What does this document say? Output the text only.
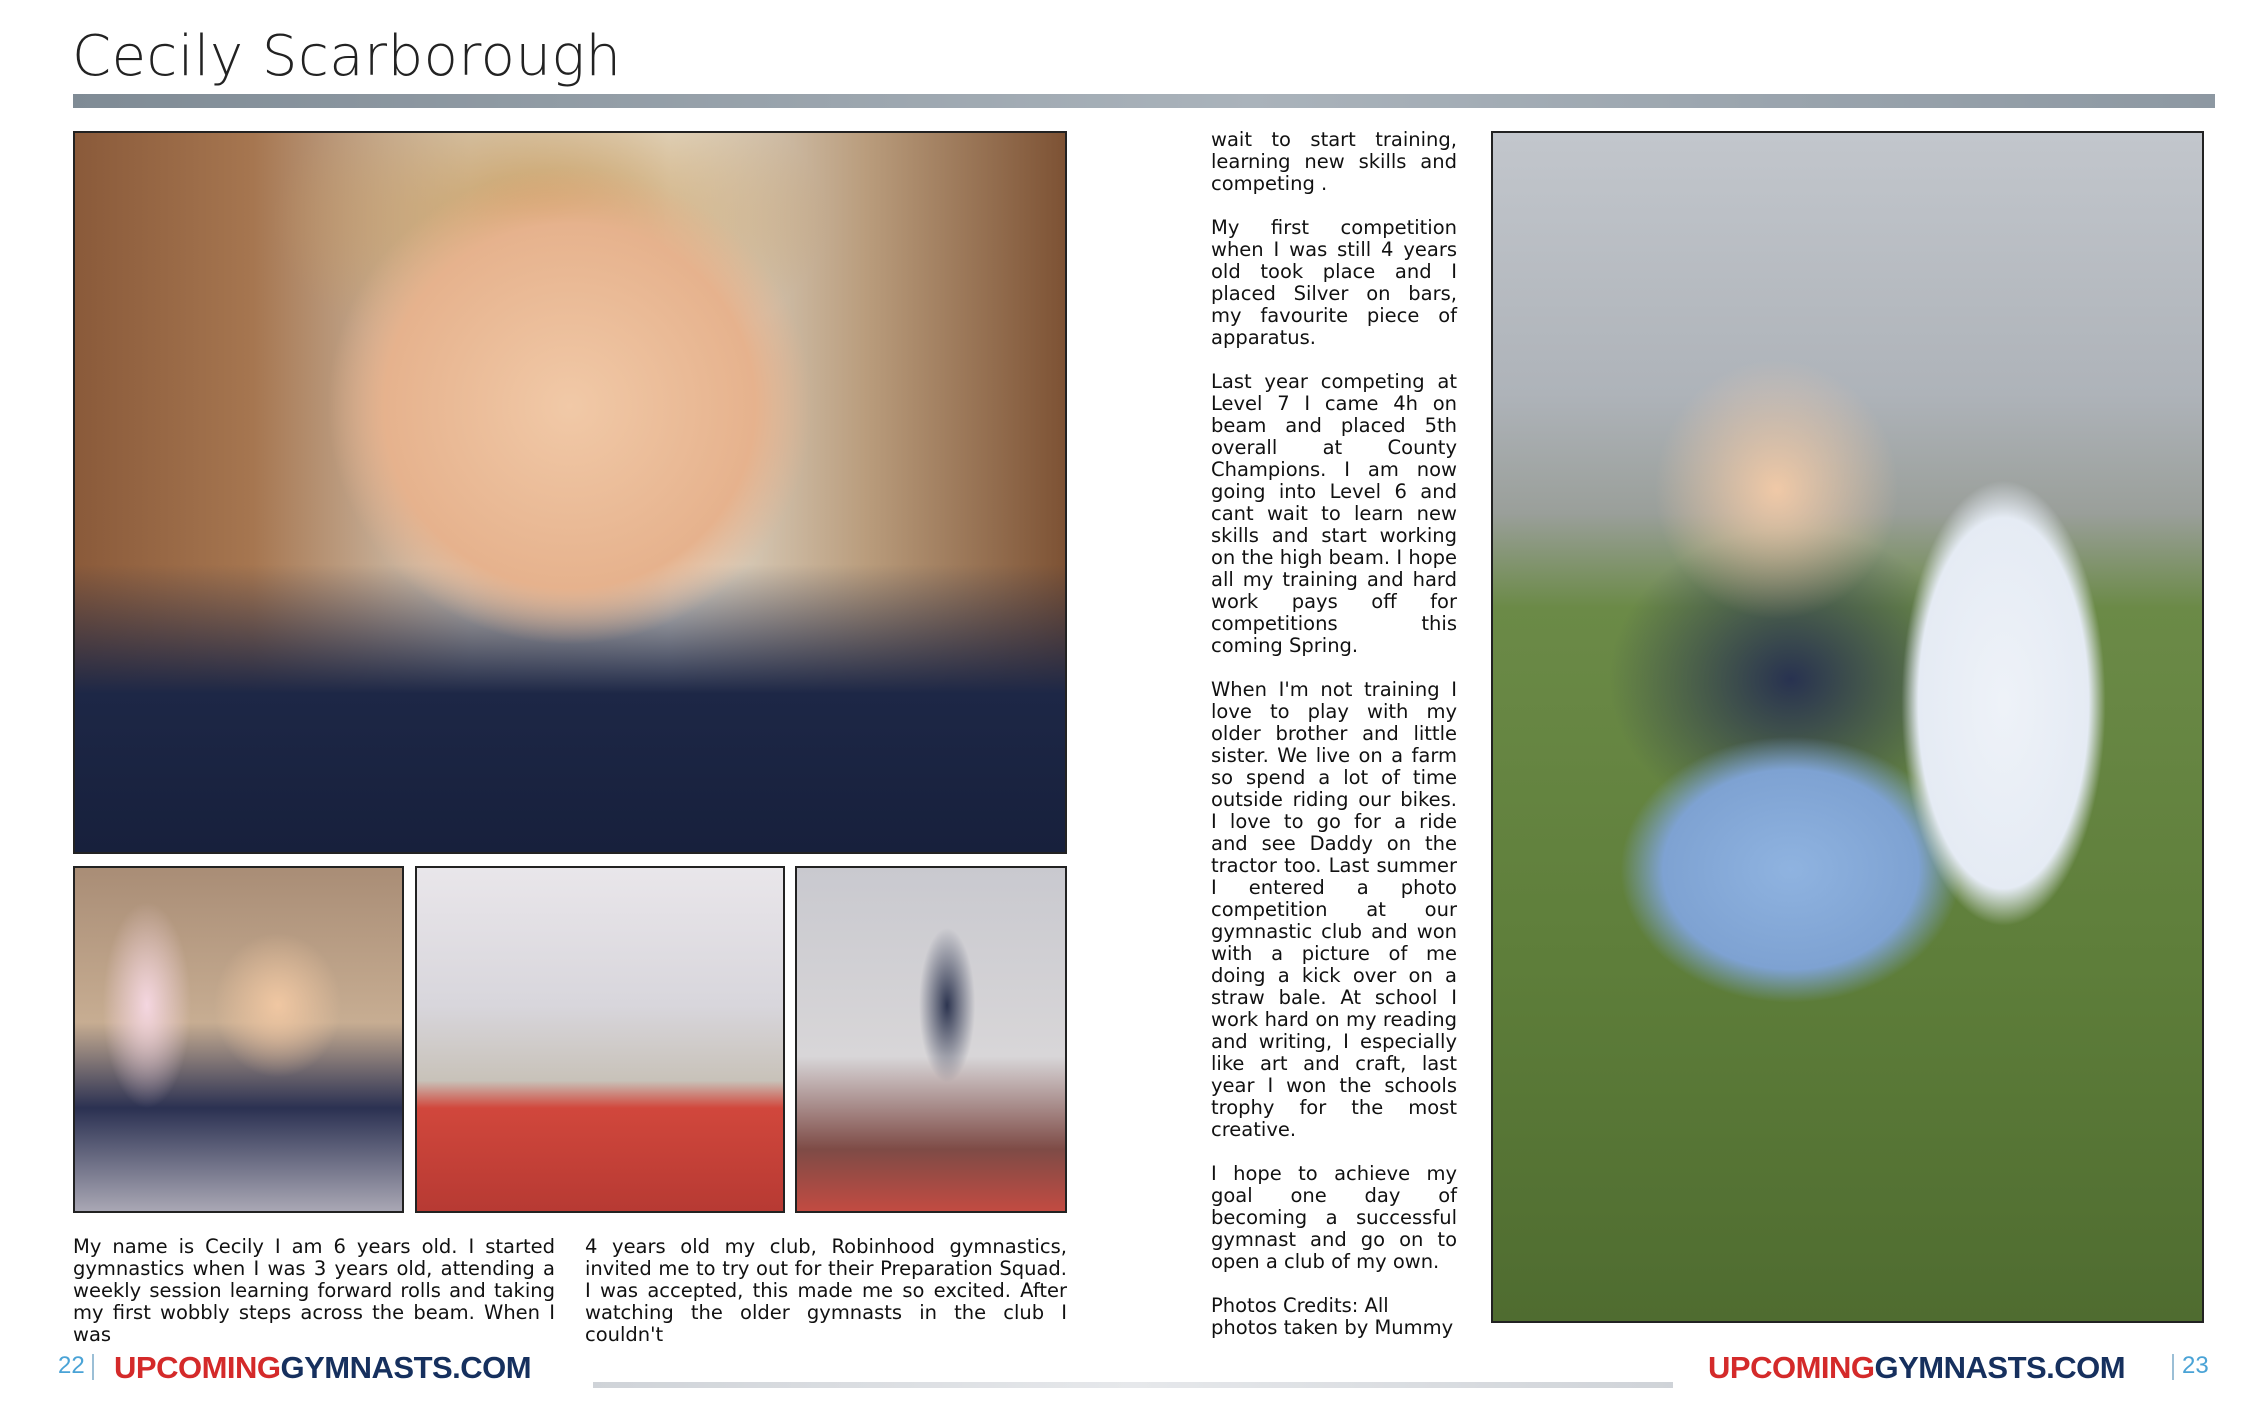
Cecily Scarborough

My name is Cecily I am 6 years old. I started gymnastics when I was 3 years old, attending a weekly session learning forward rolls and taking my first wobbly steps across the beam. When I was

4 years old my club, Robinhood gymnastics, invited me to try out for their Preparation Squad. I was accepted, this made me so excited. After watching the older gymnasts in the club I couldn't

wait to start training, learning new skills and competing .

My first competition when I was still 4 years old took place and I placed Silver on bars, my favourite piece of apparatus.

Last year competing at Level 7 I came 4h on beam and placed 5th overall at County Champions. I am now going into Level 6 and cant wait to learn new skills and start working on the high beam. I hope all my training and hard work pays off for competitions this coming Spring.

When I'm not training I love to play with my older brother and little sister. We live on a farm so spend a lot of time outside riding our bikes. I love to go for a ride and see Daddy on the tractor too. Last summer I entered a photo competition at our gymnastic club and won with a picture of me doing a kick over on a straw bale. At school I work hard on my reading and writing, I especially like art and craft, last year I won the schools trophy for the most creative.

I hope to achieve my goal one day of becoming a successful gymnast and go on to open a club of my own.

Photos Credits: All photos taken by Mummy

22 UPCOMINGGYMNASTS.COM	UPCOMINGGYMNASTS.COM 23
